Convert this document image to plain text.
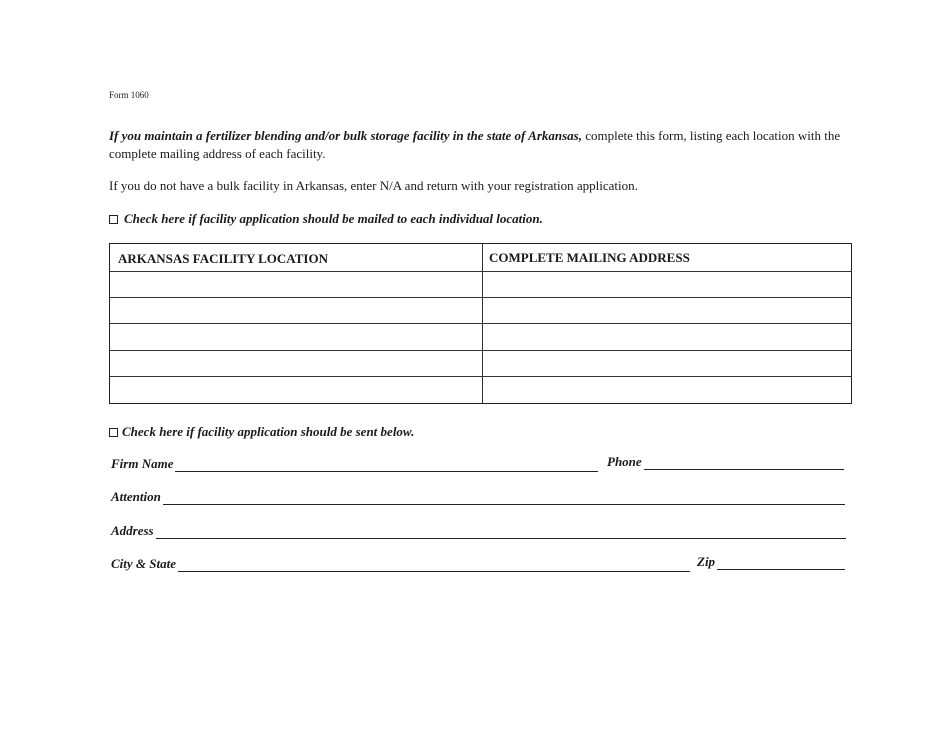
Form 1060
If you maintain a fertilizer blending and/or bulk storage facility in the state of Arkansas, complete this form, listing each location with the complete mailing address of each facility.
If you do not have a bulk facility in Arkansas, enter N/A and return with your registration application.
Check here if facility application should be mailed to each individual location.
ARKANSAS FACILITY LOCATION	COMPLETE MAILING ADDRESS
Check here if facility application should be sent below.
Firm Name	Phone
Attention
Address
City & State	Zip
